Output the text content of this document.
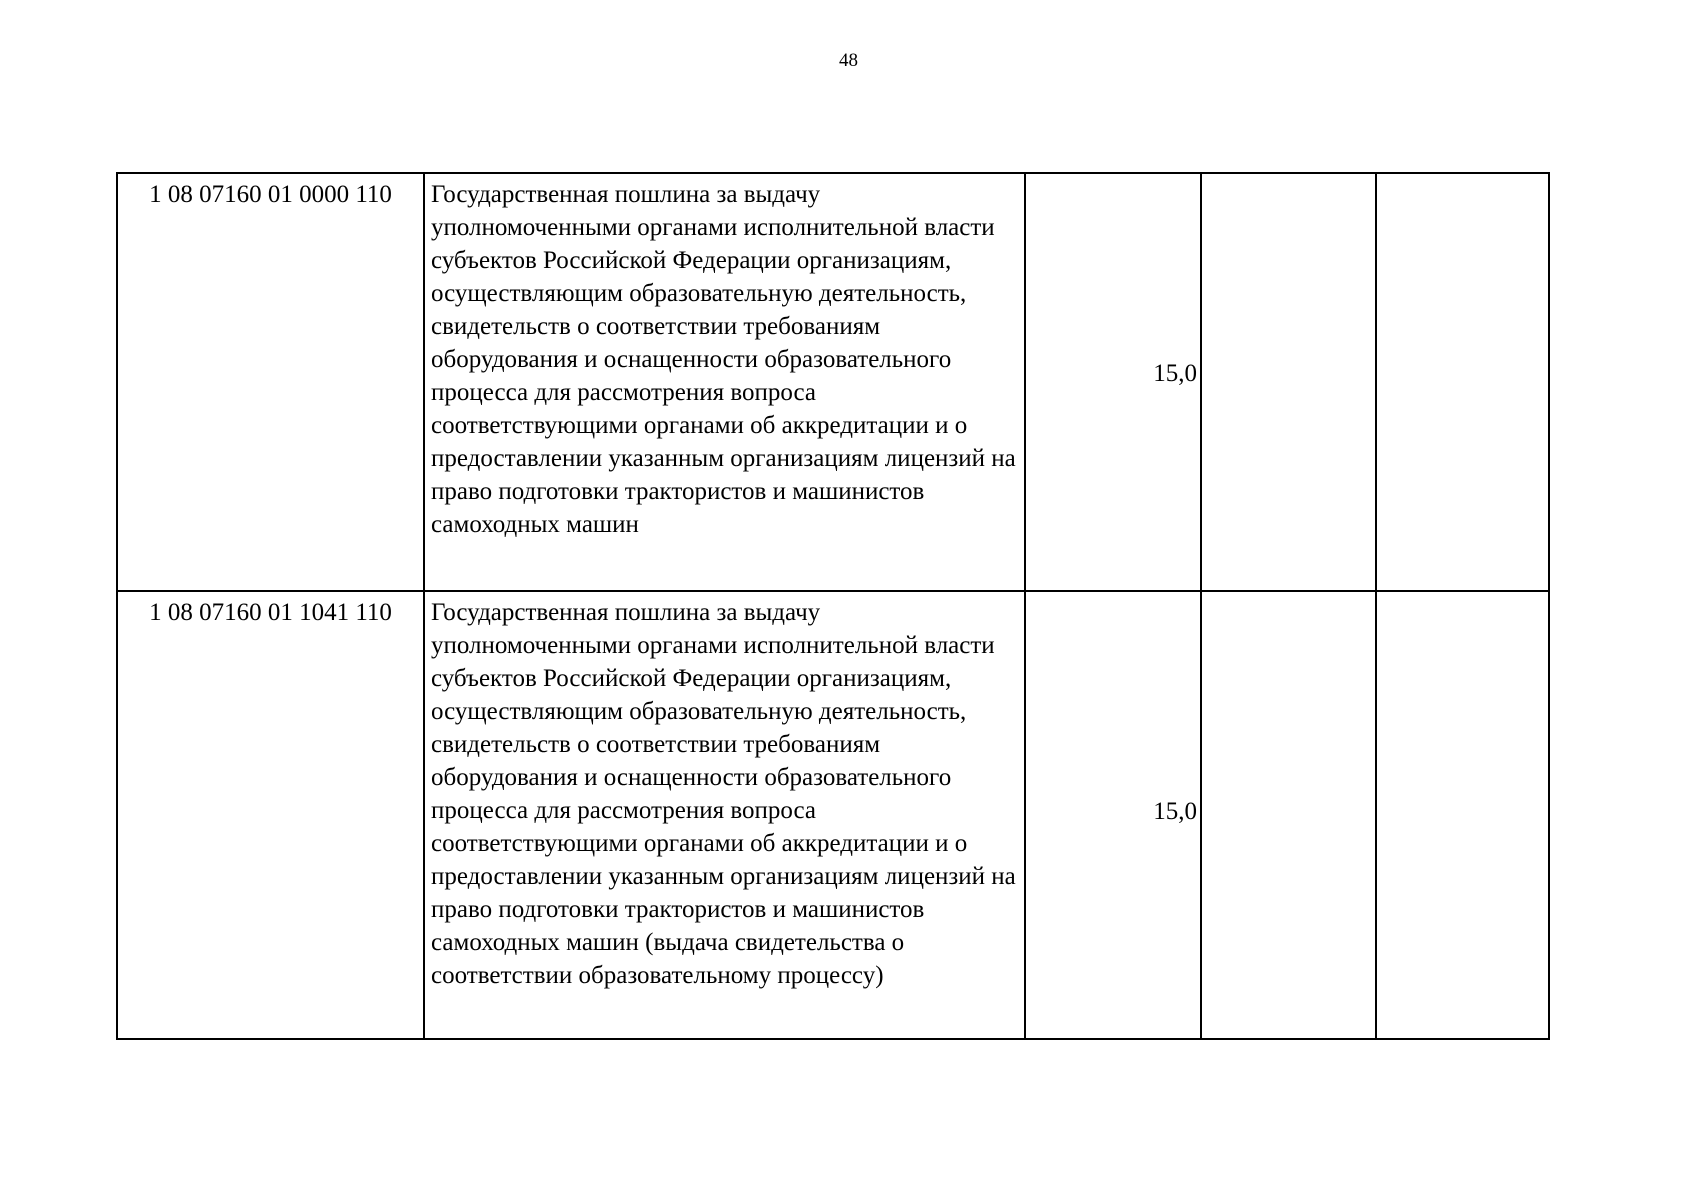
48
1 08 07160 01 0000 110	Государственная пошлина за выдачу уполномоченными органами исполнительной власти субъектов Российской Федерации организациям, осуществляющим образовательную деятельность, свидетельств о соответствии требованиям оборудования и оснащенности образовательного процесса для рассмотрения вопроса соответствующими органами об аккредитации и о предоставлении указанным организациям лицензий на право подготовки трактористов и машинистов самоходных машин	15,0		
1 08 07160 01 1041 110	Государственная пошлина за выдачу уполномоченными органами исполнительной власти субъектов Российской Федерации организациям, осуществляющим образовательную деятельность, свидетельств о соответствии требованиям оборудования и оснащенности образовательного процесса для рассмотрения вопроса соответствующими органами об аккредитации и о предоставлении указанным организациям лицензий на право подготовки трактористов и машинистов самоходных машин (выдача свидетельства о соответствии образовательному процессу)	15,0		
